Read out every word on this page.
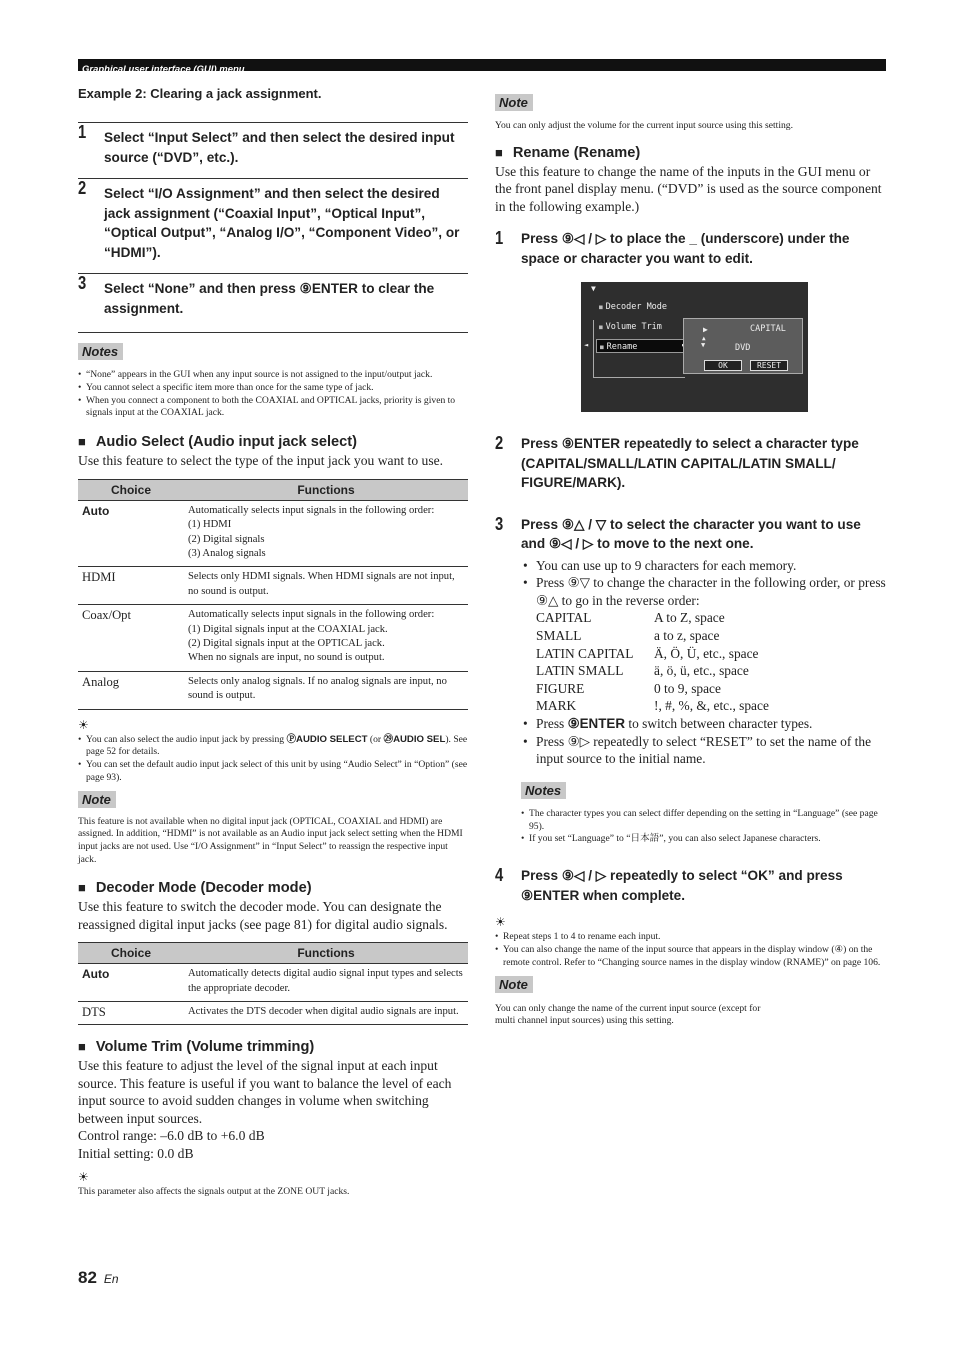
Graphical user interface (GUI) menu
Example 2: Clearing a jack assignment.
1 Select “Input Select” and then select the desired input source (“DVD”, etc.).
2 Select “I/O Assignment” and then select the desired jack assignment (“Coaxial Input”, “Optical Input”, “Optical Output”, “Analog I/O”, “Component Video”, or “HDMI”).
3 Select “None” and then press ⑨ENTER to clear the assignment.
Notes
• “None” appears in the GUI when any input source is not assigned to the input/output jack.
• You cannot select a specific item more than once for the same type of jack.
• When you connect a component to both the COAXIAL and OPTICAL jacks, priority is given to signals input at the COAXIAL jack.
■ Audio Select (Audio input jack select)
Use this feature to select the type of the input jack you want to use.
Choice	Functions
Auto	Automatically selects input signals in the following order:
(1) HDMI
(2) Digital signals
(3) Analog signals

HDMI	Selects only HDMI signals. When HDMI signals are not input, no sound is output.

Coax/Opt	Automatically selects input signals in the following order:
(1) Digital signals input at the COAXIAL jack.
(2) Digital signals input at the OPTICAL jack.
When no signals are input, no sound is output.

Analog	Selects only analog signals. If no analog signals are input, no sound is output.
☀
• You can also select the audio input jack by pressing ⓅAUDIO SELECT (or ㉙AUDIO SEL). See page 52 for details.
• You can set the default audio input jack select of this unit by using “Audio Select” in “Option” (see page 93).
Note
This feature is not available when no digital input jack (OPTICAL, COAXIAL and HDMI) are assigned. In addition, “HDMI” is not available as an Audio input jack select setting when the HDMI input jacks are not used. Use “I/O Assignment” in “Input Select” to reassign the respective input jack.
■ Decoder Mode (Decoder mode)
Use this feature to switch the decoder mode. You can designate the reassigned digital input jacks (see page 81) for digital audio signals.
Choice	Functions
Auto	Automatically detects digital audio signal input types and selects the appropriate decoder.

DTS	Activates the DTS decoder when digital audio signals are input.
■ Volume Trim (Volume trimming)
Use this feature to adjust the level of the signal input at each input source. This feature is useful if you want to balance the level of each input source to avoid sudden changes in volume when switching between input sources.
Control range: –6.0 dB to +6.0 dB
Initial setting: 0.0 dB
☀
This parameter also affects the signals output at the ZONE OUT jacks.
Note
You can only adjust the volume for the current input source using this setting.
■ Rename (Rename)
Use this feature to change the name of the inputs in the GUI menu or the front panel display menu. (“DVD” is used as the source component in the following example.)
1 Press ⑨◁ / ▷ to place the _ (underscore) under the space or character you want to edit.
▼
■ Decoder Mode
■ Volume Trim
◄	■ Rename
▶
▲
CAPITAL
DVD
▼
OK	RESET
2 Press ⑨ENTER repeatedly to select a character type (CAPITAL/SMALL/LATIN CAPITAL/LATIN SMALL/ FIGURE/MARK).
3 Press ⑨△ / ▽ to select the character you want to use and ⑨◁ / ▷ to move to the next one.
• You can use up to 9 characters for each memory.
• Press ⑨▽ to change the character in the following order, or press ⑨△ to go in the reverse order:
CAPITAL	A to Z, space
SMALL	a to z, space
LATIN CAPITAL	Ä, Ö, Ü, etc., space
LATIN SMALL	ä, ö, ü, etc., space
FIGURE	0 to 9, space
MARK	!, #, %, &, etc., space
• Press ⑨ENTER to switch between character types.
• Press ⑨▷ repeatedly to select “RESET” to set the name of the input source to the initial name.
Notes
• The character types you can select differ depending on the setting in “Language” (see page 95).
• If you set “Language” to “日本語”, you can also select Japanese characters.
4 Press ⑨◁ / ▷ repeatedly to select “OK” and press ⑨ENTER when complete.
☀
• Repeat steps 1 to 4 to rename each input.
• You can also change the name of the input source that appears in the display window (④) on the remote control. Refer to “Changing source names in the display window (RNAME)” on page 106.
Note
You can only change the name of the current input source (except for multi channel input sources) using this setting.
82 En
